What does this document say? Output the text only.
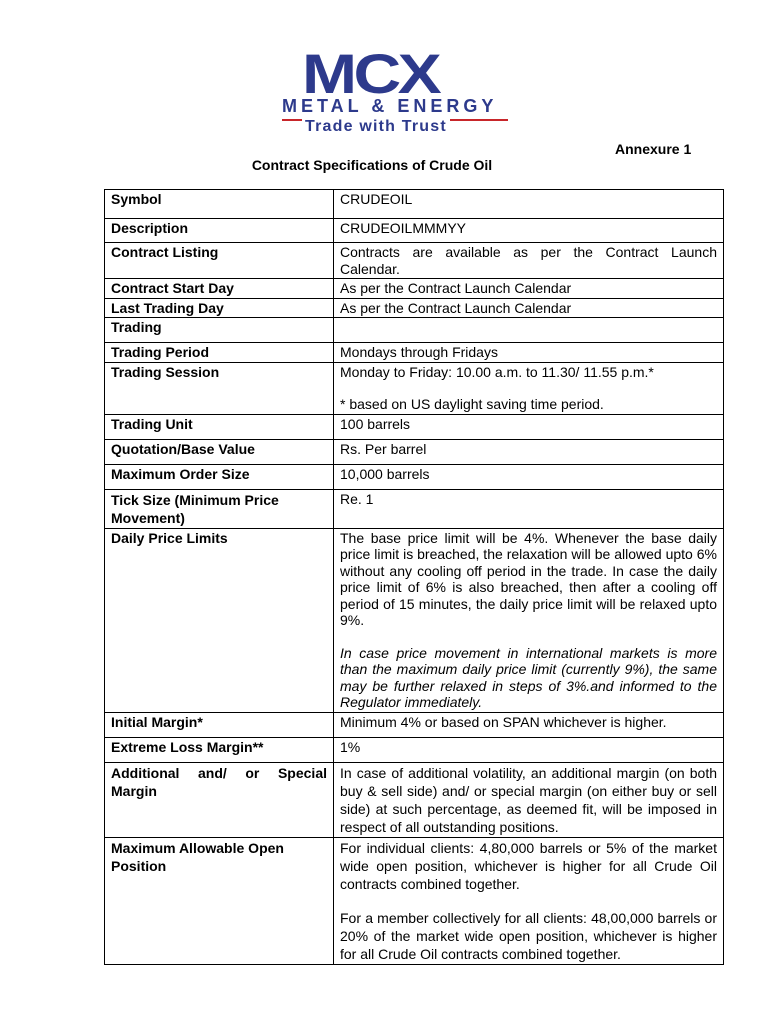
MCX
METAL & ENERGY
Trade with Trust
Annexure 1
Contract Specifications of Crude Oil
Symbol	CRUDEOIL
Description	CRUDEOILMMMYY
Contract Listing	Contracts are available as per the Contract Launch Calendar.
Contract Start Day	As per the Contract Launch Calendar
Last Trading Day	As per the Contract Launch Calendar
Trading	
Trading Period	Mondays through Fridays
Trading Session	Monday to Friday: 10.00 a.m. to 11.30/ 11.55 p.m.*
* based on US daylight saving time period.

Trading Unit	100 barrels
Quotation/Base Value	Rs. Per barrel
Maximum Order Size	10,000 barrels
Tick Size (Minimum Price Movement)	Re. 1
Daily Price Limits	The base price limit will be 4%. Whenever the base daily price limit is breached, the relaxation will be allowed upto 6% without any cooling off period in the trade. In case the daily price limit of 6% is also breached, then after a cooling off period of 15 minutes, the daily price limit will be relaxed upto 9%.
In case price movement in international markets is more than the maximum daily price limit (currently 9%), the same may be further relaxed in steps of 3%.and informed to the Regulator immediately.

Initial Margin*	Minimum 4% or based on SPAN whichever is higher.
Extreme Loss Margin**	1%
Additional and/ or Special Margin	In case of additional volatility, an additional margin (on both buy & sell side) and/ or special margin (on either buy or sell side) at such percentage, as deemed fit, will be imposed in respect of all outstanding positions.
Maximum Allowable Open Position	For individual clients: 4,80,000 barrels or 5% of the market wide open position, whichever is higher for all Crude Oil contracts combined together.
For a member collectively for all clients: 48,00,000 barrels or 20% of the market wide open position, whichever is higher for all Crude Oil contracts combined together.
